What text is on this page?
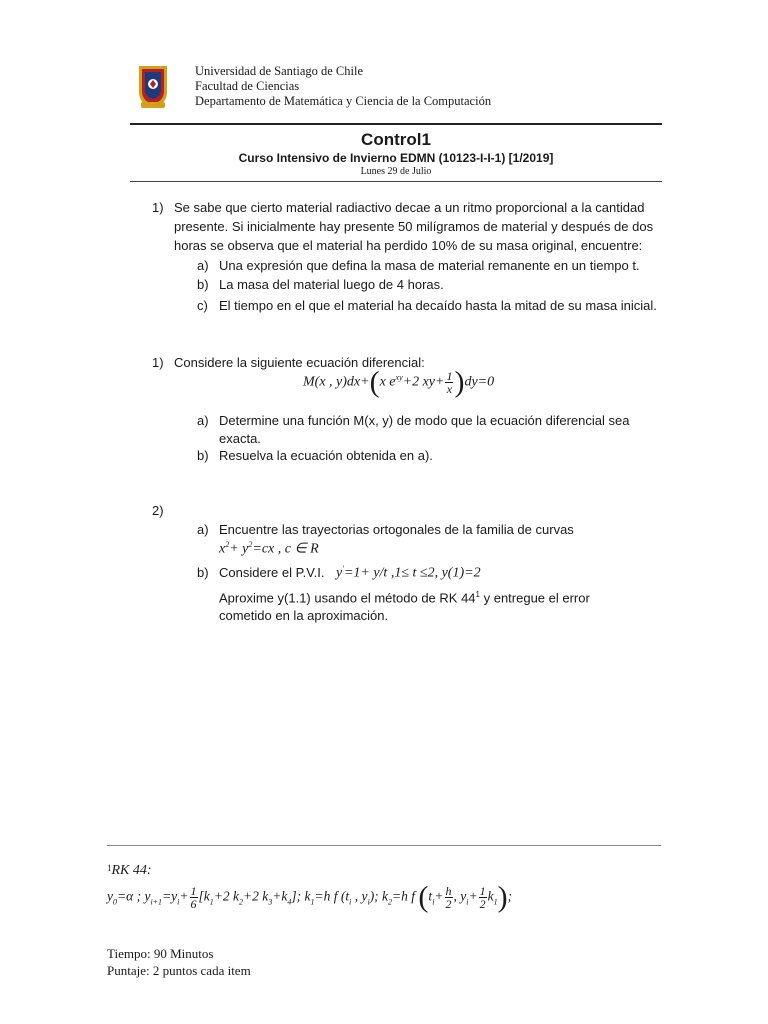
Universidad de Santiago de Chile
Facultad de Ciencias
Departamento de Matemática y Ciencia de la Computación
Control1
Curso Intensivo de Invierno EDMN (10123-I-I-1) [1/2019]
Lunes 29 de Julio
1) Se sabe que cierto material radiactivo decae a un ritmo proporcional a la cantidad
presente. Si inicialmente hay presente 50 milígramos de material y después de dos
horas se observa que el material ha perdido 10% de su masa original, encuentre:
a) Una expresión que defina la masa de material remanente en un tiempo t.
b) La masa del material luego de 4 horas.
c) El tiempo en el que el material ha decaído hasta la mitad de su masa inicial.
1) Considere la siguiente ecuación diferencial:
M(x , y)dx+(x $e^{xy}+2$ $xy+ \frac{1}{x} )dy=0$
a) Determine una función M(x, y) de modo que la ecuación diferencial sea
exacta.
b) Resuelva la ecuación obtenida en a).
2)
a) Encuentre las trayectorias ortogonales de la familia de curvas
$x^2+ y^2=cx$ , c ∈ R
b) Considere el P.V.I. y'=1+ y/t ,1≤ t ≤2, y(1)=2
Aproxime y(1.1) usando el método de RK $44^1$ y entregue el error
cometido en la aproximación.
$^1$RK 44:
$y_0=\alpha$ ; $y_{i+1}=y_i+ \frac{1}{6} [k_1+2$ $k_2+2$ $k_3+k_4$]; $k_1=h$ f ($t_i$ , $y_i$); $k_2=h$ f ($t_i+ \frac{h}{2}$ , $y_i+ \frac{1}{2} k_1$);
Tiempo: 90 Minutos
Puntaje: 2 puntos cada item
